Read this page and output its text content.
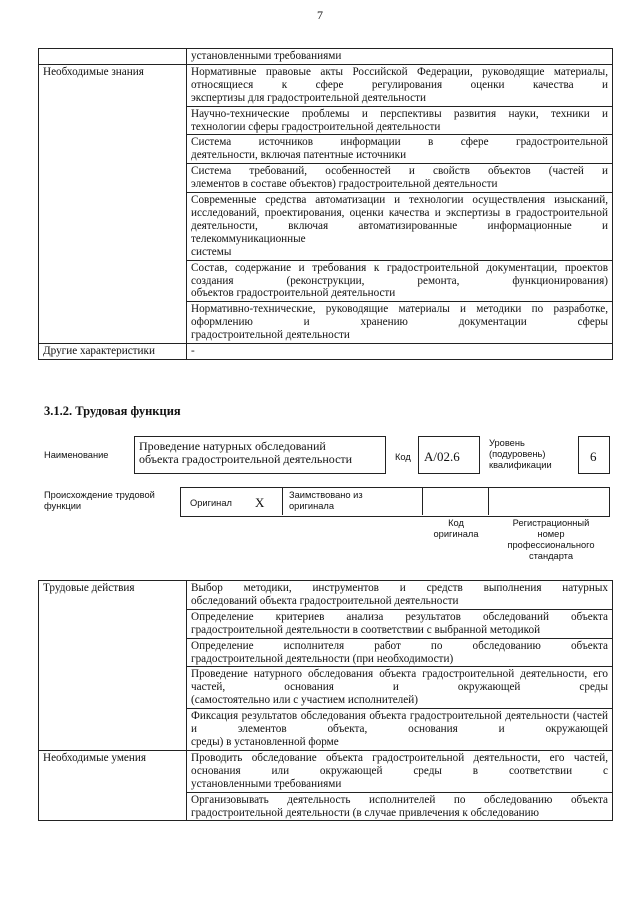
7
	установленными требованиями
Необходимые знания	Нормативные правовые акты Российской Федерации, руководящие материалы, относящиеся к сфере регулирования оценки качества и
экспертизы для градостроительной деятельности

	Научно-технические проблемы и перспективы развития науки, техники и
технологии сферы градостроительной деятельности

	Система источников информации в сфере градостроительной
деятельности, включая патентные источники

	Система требований, особенностей и свойств объектов (частей и
элементов в составе объектов) градостроительной деятельности

	Современные средства автоматизации и технологии осуществления изысканий, исследований, проектирования, оценки качества и экспертизы в градостроительной деятельности, включая автоматизированные информационные и телекоммуникационные
системы

	Состав, содержание и требования к градостроительной документации, проектов создания (реконструкции, ремонта, функционирования)
объектов градостроительной деятельности

	Нормативно-технические, руководящие материалы и методики по разработке, оформлению и хранению документации сферы
градостроительной деятельности

Другие характеристики	-
3.1.2. Трудовая функция
Наименование
Проведение натурных обследований
объекта градостроительной деятельности	Код А/02.6
Уровень
(подуровень)
квалификации
6
Происхождение трудовой
функции	Оригинал X	Заимствовано из
оригинала
Код
оригинала
Регистрационный
номер
профессионального
стандарта
Трудовые действия	Выбор методики, инструментов и средств выполнения натурных
обследований объекта градостроительной деятельности

	Определение критериев анализа результатов обследований объекта
градостроительной деятельности в соответствии с выбранной методикой

	Определение исполнителя работ по обследованию объекта
градостроительной деятельности (при необходимости)

	Проведение натурного обследования объекта градостроительной деятельности, его частей, основания и окружающей среды
(самостоятельно или с участием исполнителей)

	Фиксация результатов обследования объекта градостроительной деятельности (частей и элементов объекта, основания и окружающей
среды) в установленной форме

Необходимые умения	Проводить обследование объекта градостроительной деятельности, его частей, основания или окружающей среды в соответствии с
установленными требованиями

	Организовывать деятельность исполнителей по обследованию объекта
градостроительной деятельности (в случае привлечения к обследованию
